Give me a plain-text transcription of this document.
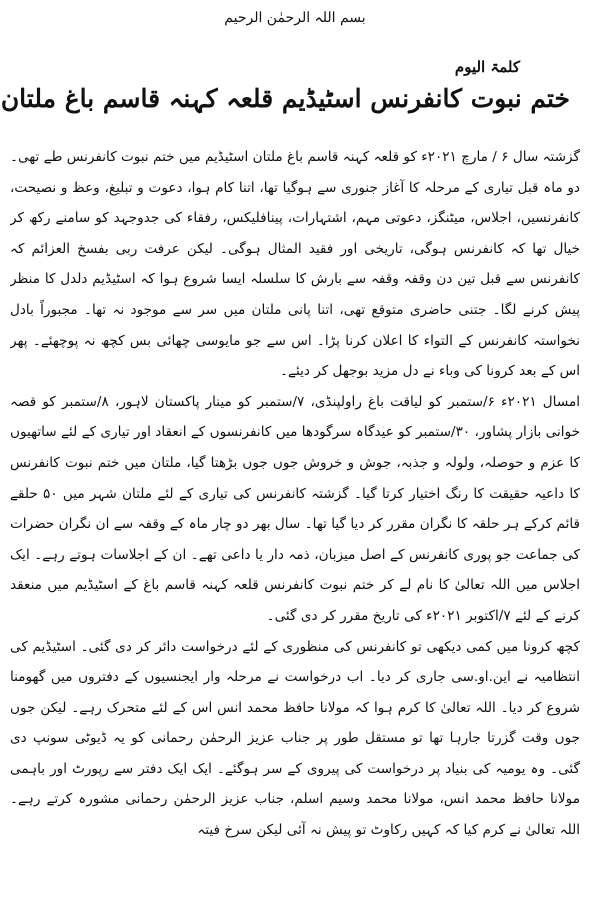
بسم اللہ الرحمٰن الرحیم
کلمۃ الیوم
ختم نبوت کانفرنس اسٹیڈیم قلعہ کہنہ قاسم باغ ملتان

گزشتہ سال ۶ / مارچ ۲۰۲۱ء کو قلعہ کہنہ قاسم باغ ملتان اسٹیڈیم میں ختم نبوت کانفرنس طے تھی۔ دو ماہ قبل تیاری کے مرحلہ کا آغاز جنوری سے ہوگیا تھا، اتنا کام ہوا، دعوت و تبلیغ، وعظ و نصیحت، کانفرنسیں، اجلاس، میٹنگز، دعوتی مہم، اشتہارات، پینافلیکس، رفقاء کی جدوجہد کو سامنے رکھ کر خیال تھا کہ کانفرنس ہوگی، تاریخی اور فقید المثال ہوگی۔ لیکن عرفت ربی بفسخ العزائم کہ کانفرنس سے قبل تین دن وقفہ وقفہ سے بارش کا سلسلہ ایسا شروع ہوا کہ اسٹیڈیم دلدل کا منظر پیش کرنے لگا۔ جتنی حاضری متوقع تھی، اتنا پانی ملتان میں سر سے موجود نہ تھا۔ مجبوراً بادل نخواستہ کانفرنس کے التواء کا اعلان کرنا پڑا۔ اس سے جو مایوسی چھائی بس کچھ نہ پوچھئے۔ پھر اس کے بعد کرونا کی وباء نے دل مزید بوجھل کر دیئے۔

امسال ۲۰۲۱ء ۶/ستمبر کو لیاقت باغ راولپنڈی، ۷/ستمبر کو مینار پاکستان لاہور، ۸/ستمبر کو قصہ خوانی بازار پشاور، ۳۰/ستمبر کو عیدگاہ سرگودھا میں کانفرنسوں کے انعقاد اور تیاری کے لئے ساتھیوں کا عزم و حوصلہ، ولولہ و جذبہ، جوش و خروش جوں جوں بڑھتا گیا، ملتان میں ختم نبوت کانفرنس کا داعیہ حقیقت کا رنگ اختیار کرتا گیا۔ گزشتہ کانفرنس کی تیاری کے لئے ملتان شہر میں ۵۰ حلقے قائم کرکے ہر حلقہ کا نگران مقرر کر دیا گیا تھا۔ سال بھر دو چار ماہ کے وقفہ سے ان نگران حضرات کی جماعت جو پوری کانفرنس کے اصل میزبان، ذمہ دار یا داعی تھے۔ ان کے اجلاسات ہوتے رہے۔ ایک اجلاس میں اللہ تعالیٰ کا نام لے کر ختم نبوت کانفرنس قلعہ کہنہ قاسم باغ کے اسٹیڈیم میں منعقد کرنے کے لئے ۷/اکتوبر ۲۰۲۱ء کی تاریخ مقرر کر دی گئی۔

کچھ کرونا میں کمی دیکھی تو کانفرنس کی منظوری کے لئے درخواست دائر کر دی گئی۔ اسٹیڈیم کی انتظامیہ نے این.او.سی جاری کر دیا۔ اب درخواست نے مرحلہ وار ایجنسیوں کے دفتروں میں گھومنا شروع کر دیا۔ اللہ تعالیٰ کا کرم ہوا کہ مولانا حافظ محمد انس اس کے لئے متحرک رہے۔ لیکن جوں جوں وقت گزرتا جارہا تھا تو مستقل طور پر جناب عزیز الرحمٰن رحمانی کو یہ ڈیوٹی سونپ دی گئی۔ وہ یومیہ کی بنیاد پر درخواست کی پیروی کے سر ہوگئے۔ ایک ایک دفتر سے رپورٹ اور باہمی مولانا حافظ محمد انس، مولانا محمد وسیم اسلم، جناب عزیز الرحمٰن رحمانی مشورہ کرتے رہے۔ اللہ تعالیٰ نے کرم کیا کہ کہیں رکاوٹ تو پیش نہ آئی لیکن سرخ فیتہ
